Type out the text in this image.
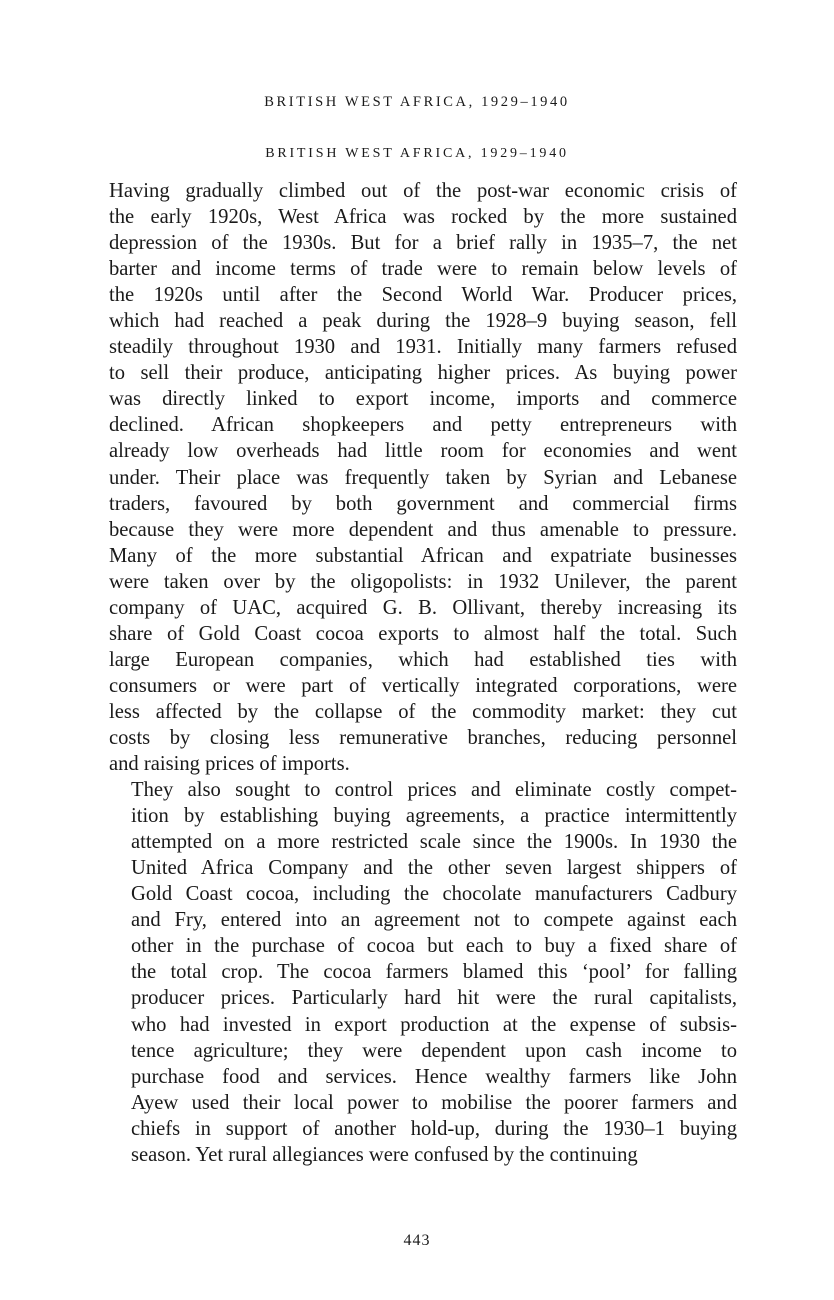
BRITISH WEST AFRICA, 1929–1940
BRITISH WEST AFRICA, 1929–1940

Having gradually climbed out of the post-war economic crisis of
the early 1920s, West Africa was rocked by the more sustained
depression of the 1930s. But for a brief rally in 1935–7, the net
barter and income terms of trade were to remain below levels of
the 1920s until after the Second World War. Producer prices,
which had reached a peak during the 1928–9 buying season, fell
steadily throughout 1930 and 1931. Initially many farmers refused
to sell their produce, anticipating higher prices. As buying power
was directly linked to export income, imports and commerce
declined. African shopkeepers and petty entrepreneurs with
already low overheads had little room for economies and went
under. Their place was frequently taken by Syrian and Lebanese
traders, favoured by both government and commercial firms
because they were more dependent and thus amenable to pressure.
Many of the more substantial African and expatriate businesses
were taken over by the oligopolists: in 1932 Unilever, the parent
company of UAC, acquired G. B. Ollivant, thereby increasing its
share of Gold Coast cocoa exports to almost half the total. Such
large European companies, which had established ties with
consumers or were part of vertically integrated corporations, were
less affected by the collapse of the commodity market: they cut
costs by closing less remunerative branches, reducing personnel
and raising prices of imports.

They also sought to control prices and eliminate costly compet-
ition by establishing buying agreements, a practice intermittently
attempted on a more restricted scale since the 1900s. In 1930 the
United Africa Company and the other seven largest shippers of
Gold Coast cocoa, including the chocolate manufacturers Cadbury
and Fry, entered into an agreement not to compete against each
other in the purchase of cocoa but each to buy a fixed share of
the total crop. The cocoa farmers blamed this ‘pool’ for falling
producer prices. Particularly hard hit were the rural capitalists,
who had invested in export production at the expense of subsis-
tence agriculture; they were dependent upon cash income to
purchase food and services. Hence wealthy farmers like John
Ayew used their local power to mobilise the poorer farmers and
chiefs in support of another hold-up, during the 1930–1 buying
season. Yet rural allegiances were confused by the continuing

443
